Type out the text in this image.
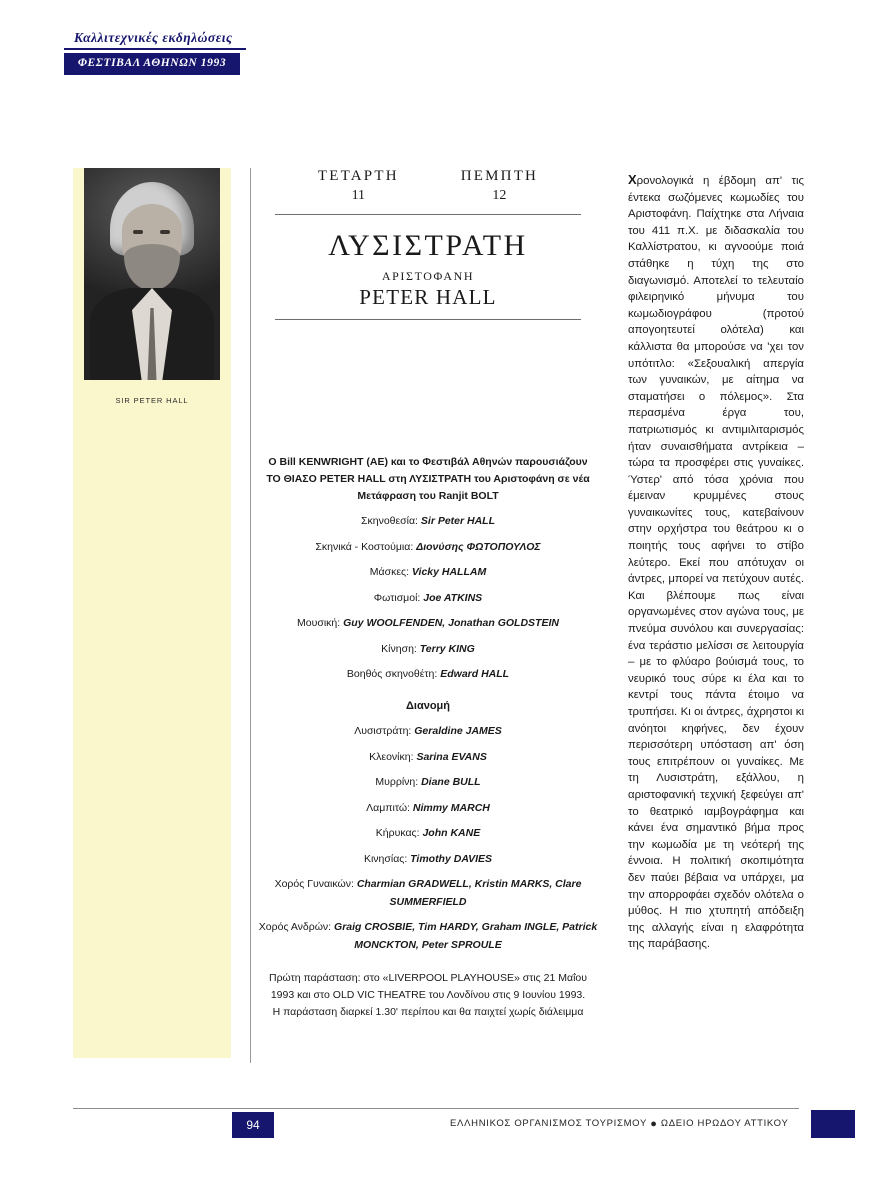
Καλλιτεχνικές εκδηλώσεις
ΦΕΣΤΙΒΑΛ ΑΘΗΝΩΝ 1993
SIR PETER HALL
ΤΕΤΑΡΤΗ
11
ΠΕΜΠΤΗ
12
ΛΥΣΙΣΤΡΑΤΗ
ΑΡΙΣΤΟΦΑΝΗ
PETER HALL
Ο Bill KENWRIGHT (ΑΕ) και το Φεστιβάλ Αθηνών παρουσιάζουν ΤΟ ΘΙΑΣΟ PETER HALL στη ΛΥΣΙΣΤΡΑΤΗ του Αριστοφάνη σε νέα Μετάφραση του Ranjit BOLT
Σκηνοθεσία: Sir Peter HALL
Σκηνικά - Κοστούμια: Διονύσης ΦΩΤΟΠΟΥΛΟΣ
Μάσκες: Vicky HALLAM
Φωτισμοί: Joe ATKINS
Μουσική: Guy WOOLFENDEN, Jonathan GOLDSTEIN
Κίνηση: Terry KING
Βοηθός σκηνοθέτη: Edward HALL
Διανομή
Λυσιστράτη: Geraldine JAMES
Κλεονίκη: Sarina EVANS
Μυρρίνη: Diane BULL
Λαμπιτώ: Nimmy MARCH
Κήρυκας: John KANE
Κινησίας: Timothy DAVIES
Χορός Γυναικών: Charmian GRADWELL, Kristin MARKS, Clare SUMMERFIELD
Χορός Ανδρών: Graig CROSBIE, Tim HARDY, Graham INGLE, Patrick MONCKTON, Peter SPROULE
Πρώτη παράσταση: στο «LIVERPOOL PLAYHOUSE» στις 21 Μαΐου 1993 και στο OLD VIC THEATRE του Λονδίνου στις 9 Ιουνίου 1993. Η παράσταση διαρκεί 1.30' περίπου και θα παιχτεί χωρίς διάλειμμα
Χρονολογικά η έβδομη απ' τις έντεκα σωζόμενες κωμωδίες του Αριστοφάνη. Παίχτηκε στα Λήναια του 411 π.Χ. με διδασκαλία του Καλλίστρατου, κι αγνοούμε ποιά στάθηκε η τύχη της στο διαγωνισμό. Αποτελεί το τελευταίο φιλειρηνικό μήνυμα του κωμωδιογράφου (προτού απογοητευτεί ολότελα) και κάλλιστα θα μπορούσε να 'χει τον υπότιτλο: «Σεξουαλική απεργία των γυναικών, με αίτημα να σταματήσει ο πόλεμος». Στα περασμένα έργα του, πατριωτισμός κι αντιμιλιταρισμός ήταν συναισθήματα αντρίκεια – τώρα τα προσφέρει στις γυναίκες. Ύστερ' από τόσα χρόνια που έμειναν κρυμμένες στους γυναικωνίτες τους, κατεβαίνουν στην ορχήστρα του θεάτρου κι ο ποιητής τους αφήνει το στίβο λεύτερο. Εκεί που απότυχαν οι άντρες, μπορεί να πετύχουν αυτές. Και βλέπουμε πως είναι οργανωμένες στον αγώνα τους, με πνεύμα συνόλου και συνεργασίας: ένα τεράστιο μελίσσι σε λειτουργία – με το φλύαρο βούισμά τους, το νευρικό τους σύρε κι έλα και το κεντρί τους πάντα έτοιμο να τρυπήσει. Κι οι άντρες, άχρηστοι κι ανόητοι κηφήνες, δεν έχουν περισσότερη υπόσταση απ' όση τους επιτρέπουν οι γυναίκες. Με τη Λυσιστράτη, εξάλλου, η αριστοφανική τεχνική ξεφεύγει απ' το θεατρικό ιαμβογράφημα και κάνει ένα σημαντικό βήμα προς την κωμωδία με τη νεότερή της έννοια. Η πολιτική σκοπιμότητα δεν παύει βέβαια να υπάρχει, μα την απορροφάει σχεδόν ολότελα ο μύθος. Η πιο χτυπητή απόδειξη της αλλαγής είναι η ελαφρότητα της παράβασης.
94	ΕΛΛΗΝΙΚΟΣ ΟΡΓΑΝΙΣΜΟΣ ΤΟΥΡΙΣΜΟΥ ● ΩΔΕΙΟ ΗΡΩΔΟΥ ΑΤΤΙΚΟΥ
